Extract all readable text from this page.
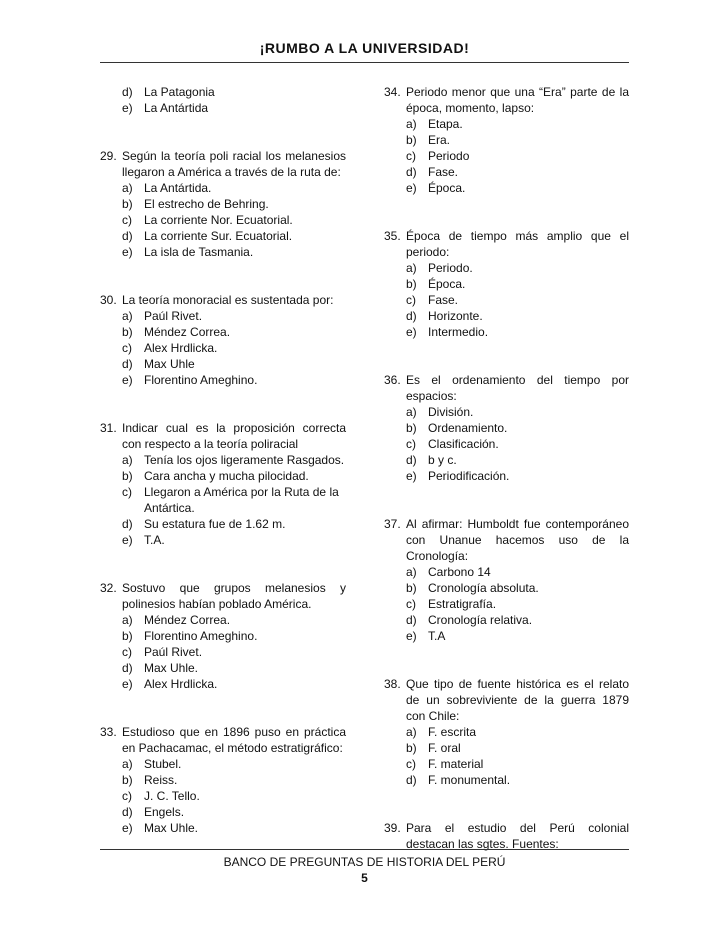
¡RUMBO A LA UNIVERSIDAD!
d) La Patagonia
e) La Antártida
29. Según la teoría poli racial los melanesios llegaron a América a través de la ruta de:
a) La Antártida.
b) El estrecho de Behring.
c)	La corriente Nor. Ecuatorial.
d) La corriente Sur. Ecuatorial.
e) La isla de Tasmania.
30. La teoría monoracial es sustentada por:
a) Paúl Rivet.
b) Méndez Correa.
c)	Alex Hrdlicka.
d) Max Uhle
e) Florentino Ameghino.
31. Indicar cual es la proposición correcta con respecto a la teoría poliracial
a) Tenía los ojos ligeramente Rasgados.
b) Cara ancha y mucha pilocidad.
c)	Llegaron a América por la Ruta de la Antártica.
d) Su estatura fue de 1.62 m.
e) T.A.
32. Sostuvo que grupos melanesios y polinesios habían poblado América.
a) Méndez Correa.
b) Florentino Ameghino.
c)	Paúl Rivet.
d) Max Uhle.
e) Alex Hrdlicka.
33. Estudioso que en 1896 puso en práctica en Pachacamac, el método estratigráfico:
a) Stubel.
b) Reiss.
c)	J. C. Tello.
d) Engels.
e) Max Uhle.
34. Periodo menor que una “Era” parte de la época, momento, lapso:
a) Etapa.
b) Era.
c)	Periodo
d) Fase.
e) Época.
35. Época de tiempo más amplio que el periodo:
a) Periodo.
b) Época.
c)	Fase.
d) Horizonte.
e) Intermedio.
36. Es el ordenamiento del tiempo por espacios:
a) División.
b) Ordenamiento.
c)	Clasificación.
d) b y c.
e) Periodificación.
37. Al afirmar: Humboldt fue contemporáneo con Unanue hacemos uso de la Cronología:
a) Carbono 14
b) Cronología absoluta.
c)	Estratigrafía.
d) Cronología relativa.
e) T.A
38. Que tipo de fuente histórica es el relato de un sobreviviente de la guerra 1879 con Chile:
a) F. escrita
b) F. oral
c)	F. material
d) F. monumental.
39. Para el estudio del Perú colonial destacan las sgtes. Fuentes:
BANCO DE PREGUNTAS DE HISTORIA DEL PERÚ
5
